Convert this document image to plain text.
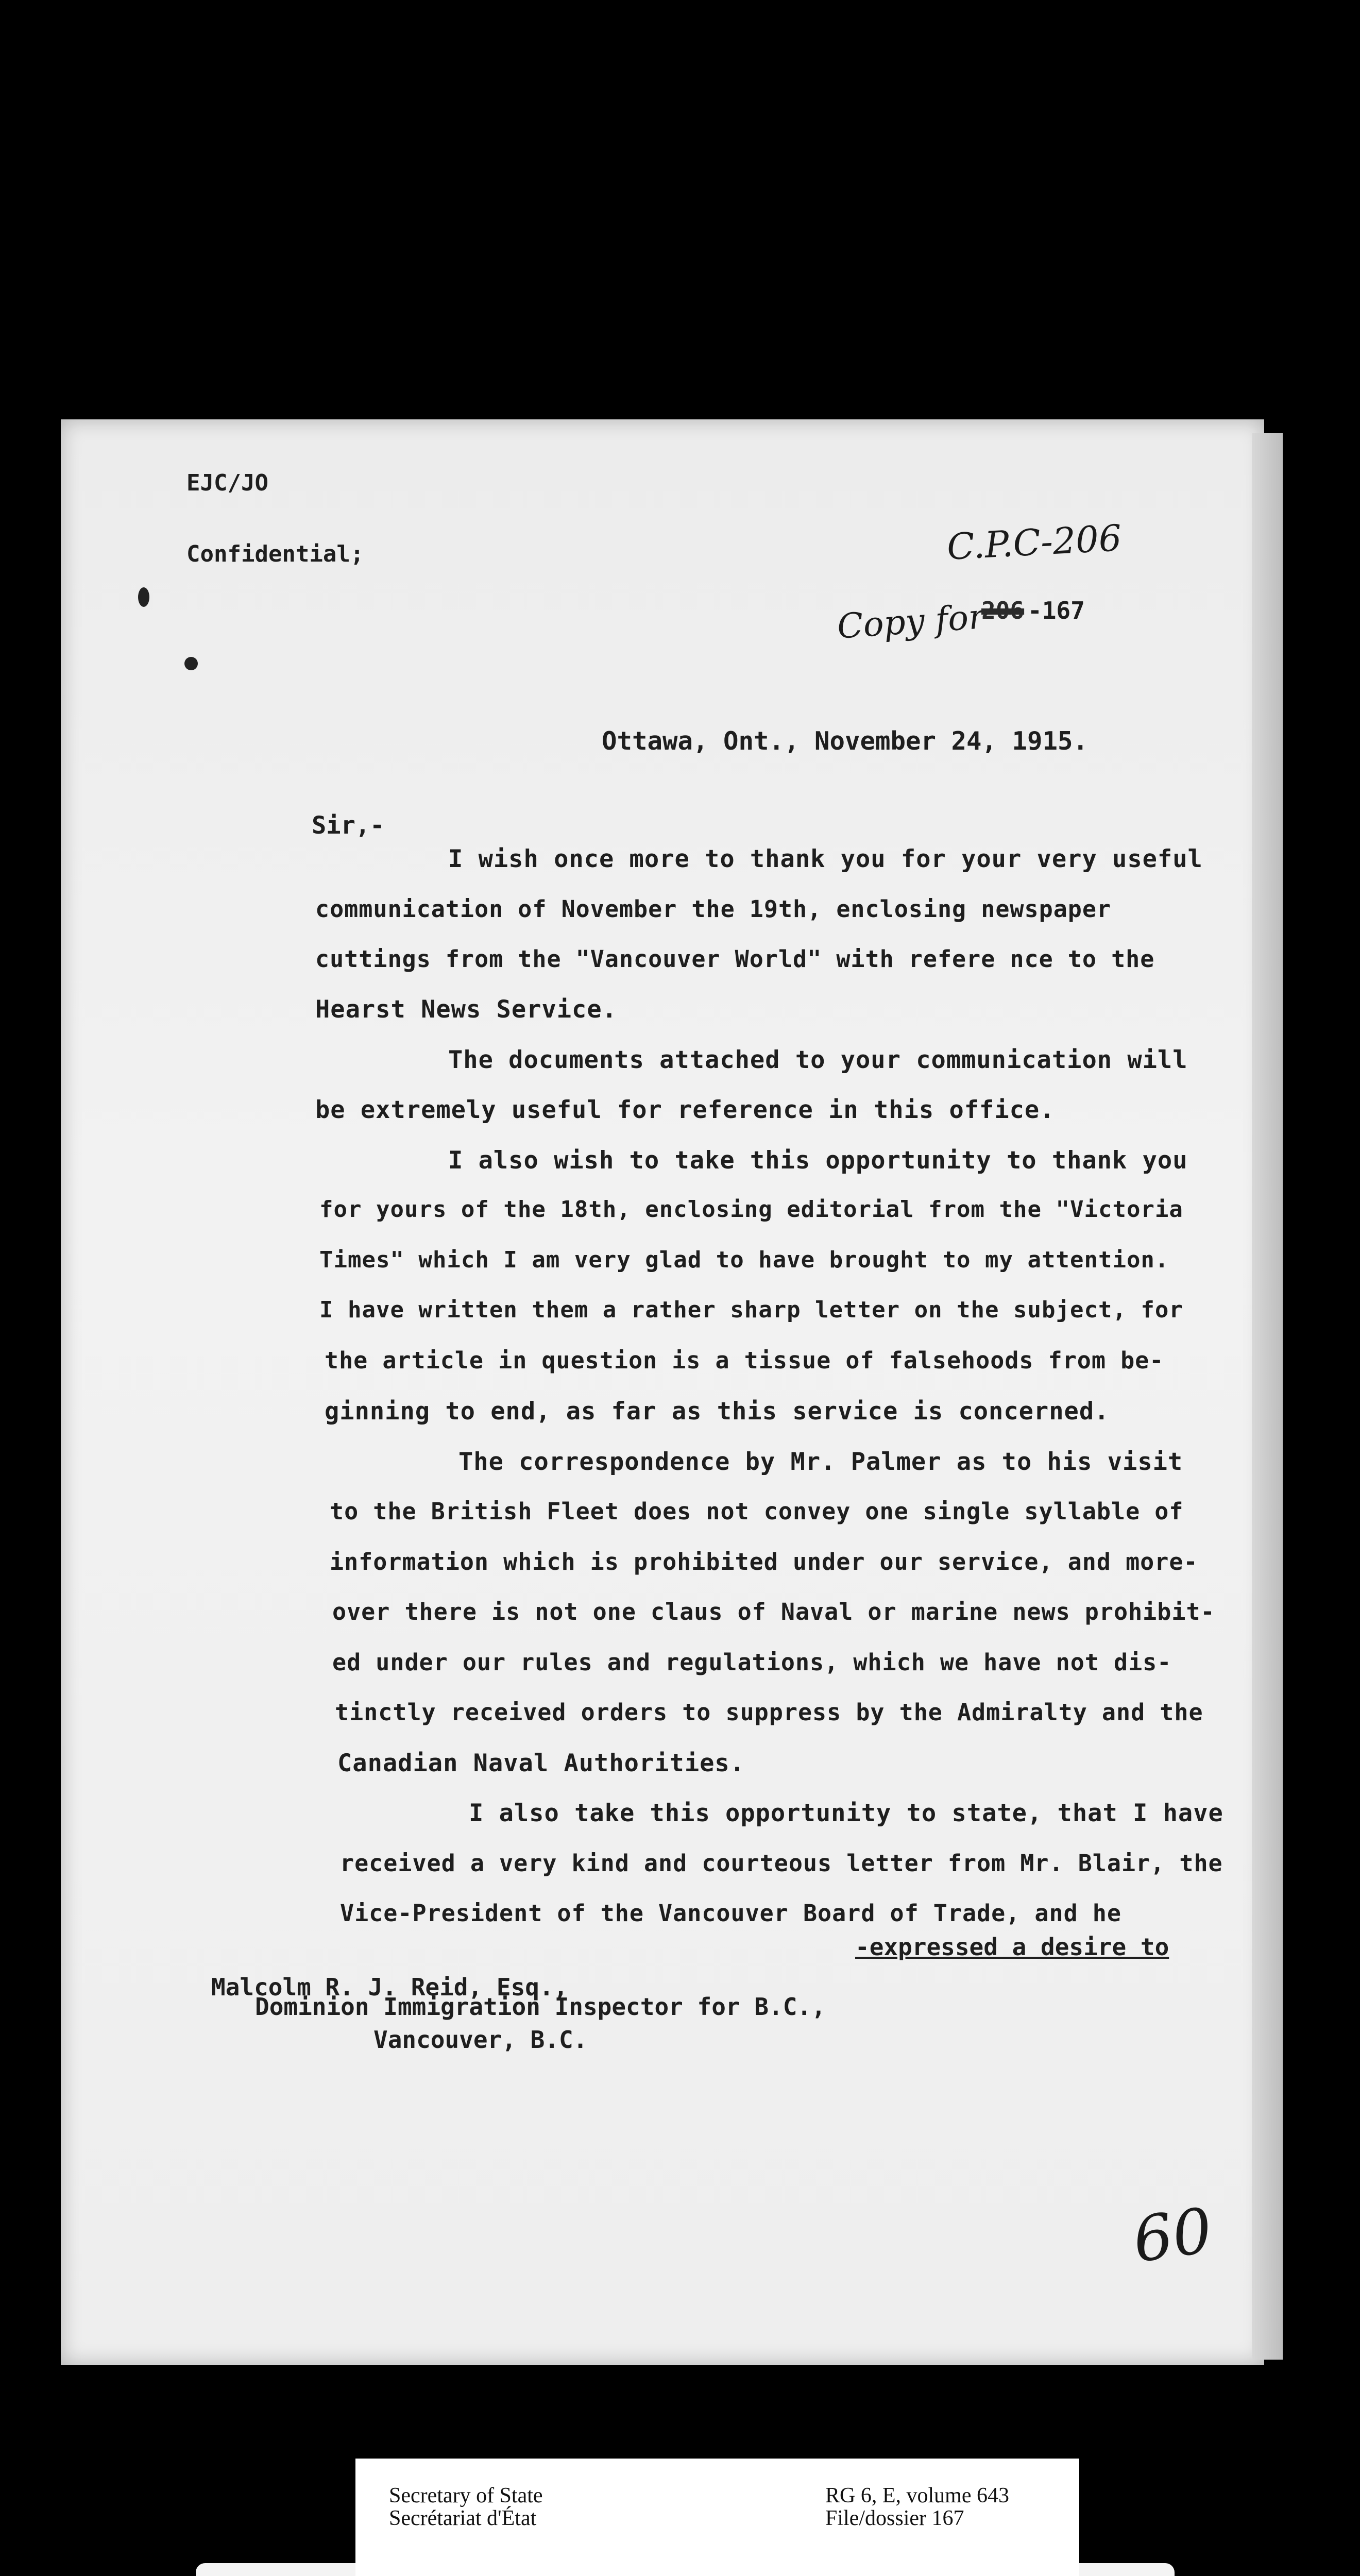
EJC/JO
Confidential;	C.P.C-206
Copy for
206 -167
Ottawa, Ont., November 24, 1915.
Sir,-
I wish once more to thank you for your very useful
communication of November the 19th, enclosing newspaper
cuttings from the "Vancouver World" with refere nce to the
Hearst News Service.
The documents attached to your communication will
be extremely useful for reference in this office.
I also wish to take this opportunity to thank you
for yours of the 18th, enclosing editorial from the "Victoria
Times" which I am very glad to have brought to my attention.
I have written them a rather sharp letter on the subject, for
the article in question is a tissue of falsehoods from be-
ginning to end, as far as this service is concerned.
The correspondence by Mr. Palmer as to his visit
to the British Fleet does not convey one single syllable of
information which is prohibited under our service, and more-
over there is not one claus of Naval or marine news prohibit-
ed under our rules and regulations, which we have not dis-
tinctly received orders to suppress by the Admiralty and the
Canadian Naval Authorities.
I also take this opportunity to state, that I have
received a very kind and courteous letter from Mr. Blair, the
Vice-President of the Vancouver Board of Trade, and he
-expressed a desire to
Malcolm R. J. Reid, Esq.,
Dominion Immigration Inspector for B.C.,
Vancouver, B.C.
60
Secretary of State
Secrétariat d'État
RG 6, E, volume 643
File/dossier 167
